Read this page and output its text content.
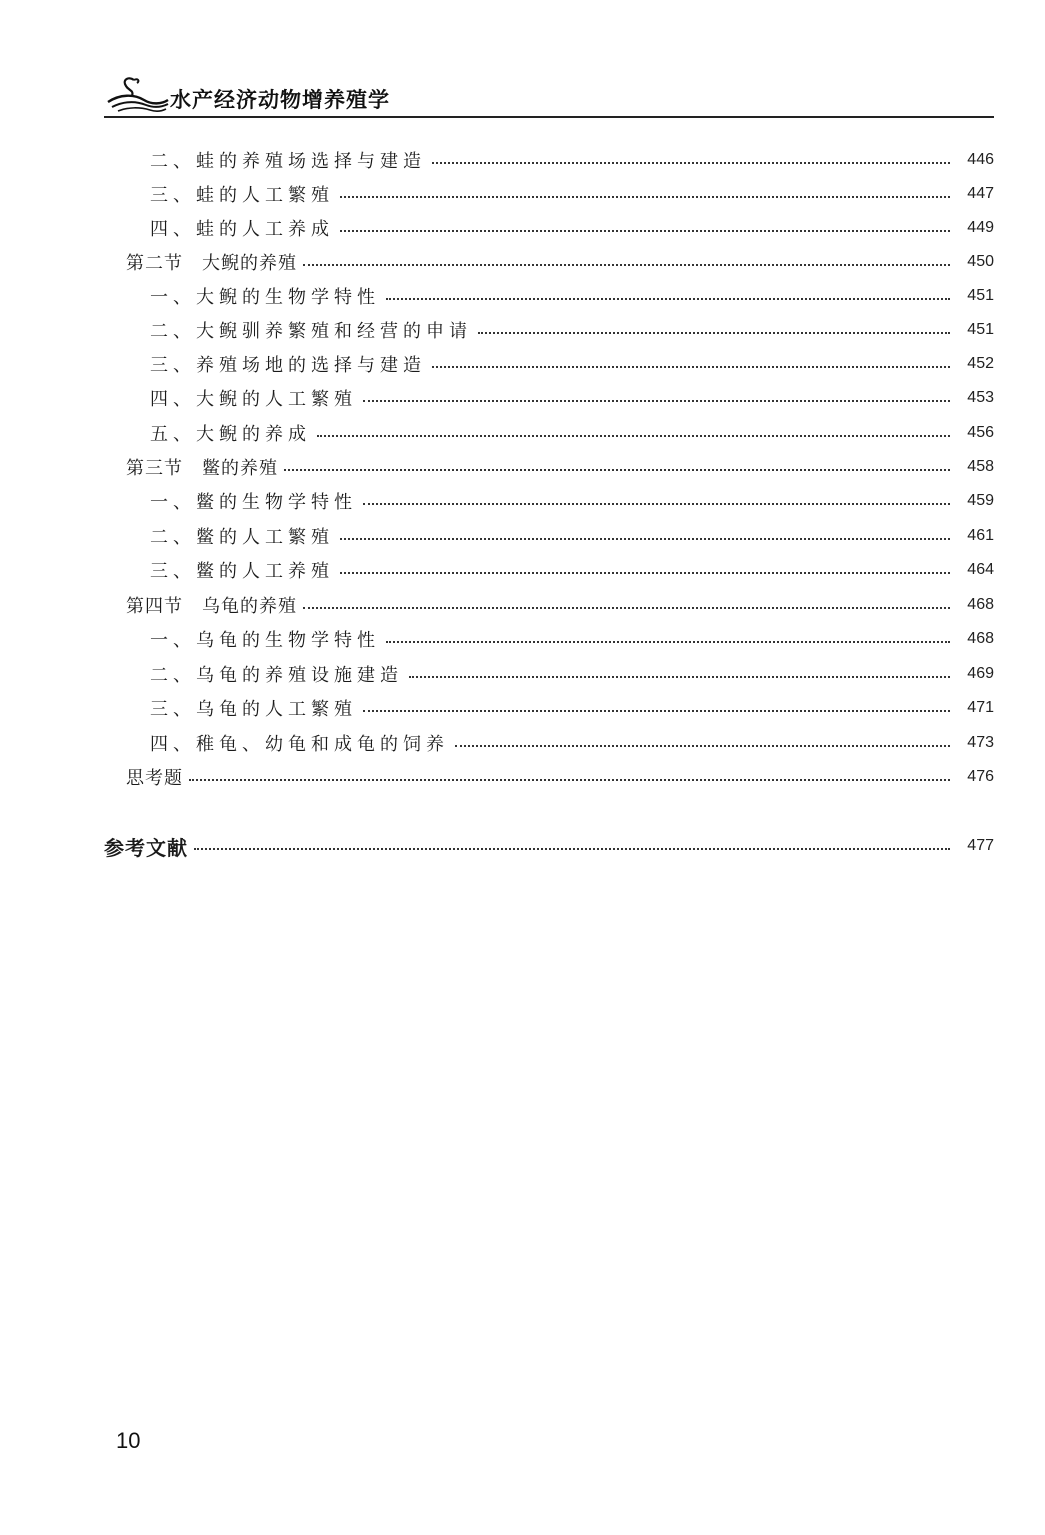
水产经济动物增养殖学
二、蛙的养殖场选择与建造	446
三、蛙的人工繁殖	447
四、蛙的人工养成	449
第二节　大鲵的养殖	450
一、大鲵的生物学特性	451
二、大鲵驯养繁殖和经营的申请	451
三、养殖场地的选择与建造	452
四、大鲵的人工繁殖	453
五、大鲵的养成	456
第三节　鳖的养殖	458
一、鳖的生物学特性	459
二、鳖的人工繁殖	461
三、鳖的人工养殖	464
第四节　乌龟的养殖	468
一、乌龟的生物学特性	468
二、乌龟的养殖设施建造	469
三、乌龟的人工繁殖	471
四、稚龟、幼龟和成龟的饲养	473
思考题	476
参考文献	477
10
